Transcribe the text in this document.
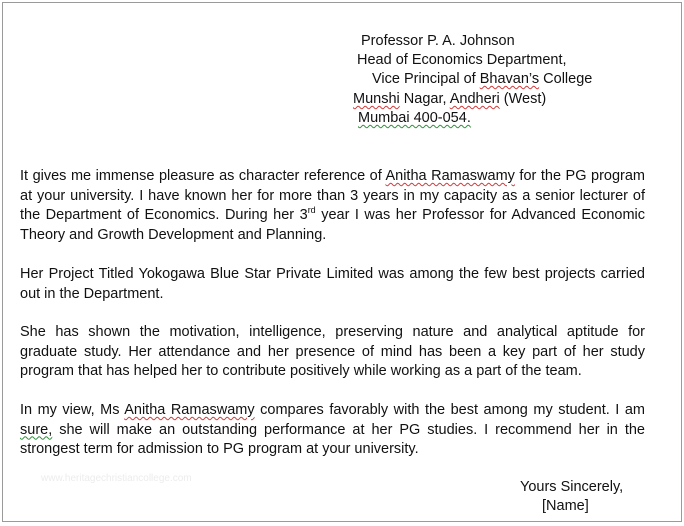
Professor P. A. Johnson
Head of Economics Department,
Vice Principal of Bhavan’s College
Munshi Nagar, Andheri (West)
Mumbai 400-054.

It gives me immense pleasure as character reference of Anitha Ramaswamy for the PG program at your university. I have known her for more than 3 years in my capacity as a senior lecturer of the Department of Economics. During her 3rd year I was her Professor for Advanced Economic Theory and Growth Development and Planning.

Her Project Titled Yokogawa Blue Star Private Limited was among the few best projects carried out in the Department.

She has shown the motivation, intelligence, preserving nature and analytical aptitude for graduate study. Her attendance and her presence of mind has been a key part of her study program that has helped her to contribute positively while working as a part of the team.

In my view, Ms Anitha Ramaswamy compares favorably with the best among my student. I am sure, she will make an outstanding performance at her PG studies. I recommend her in the strongest term for admission to PG program at your university.

www.heritagechristiancollege.com
Yours Sincerely,
[Name]
